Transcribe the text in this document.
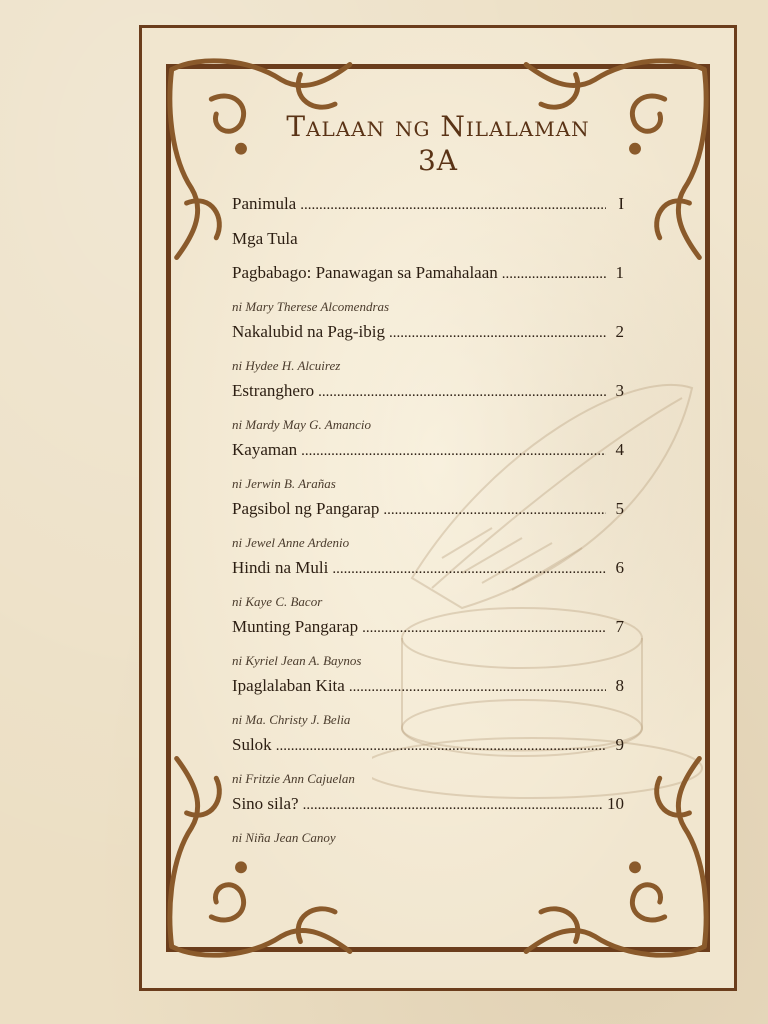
Talaan ng Nilalaman
3A
Panimula .....	I
Mga Tula
Pagbabago: Panawagan sa Pamahalaan .....	1
ni Mary Therese Alcomendras
Nakalubid na Pag-ibig .....	2
ni Hydee H. Alcuirez
Estranghero .....	3
ni Mardy May G. Amancio
Kayaman .....	4
ni Jerwin B. Arañas
Pagsibol ng Pangarap .....	5
ni Jewel Anne Ardenio
Hindi na Muli .....	6
ni Kaye C. Bacor
Munting Pangarap .....	7
ni Kyriel Jean A. Baynos
Ipaglalaban Kita .....	8
ni Ma. Christy J. Belia
Sulok .....	9
ni Fritzie Ann Cajuelan
Sino sila? .....	10
ni Niña Jean Canoy
